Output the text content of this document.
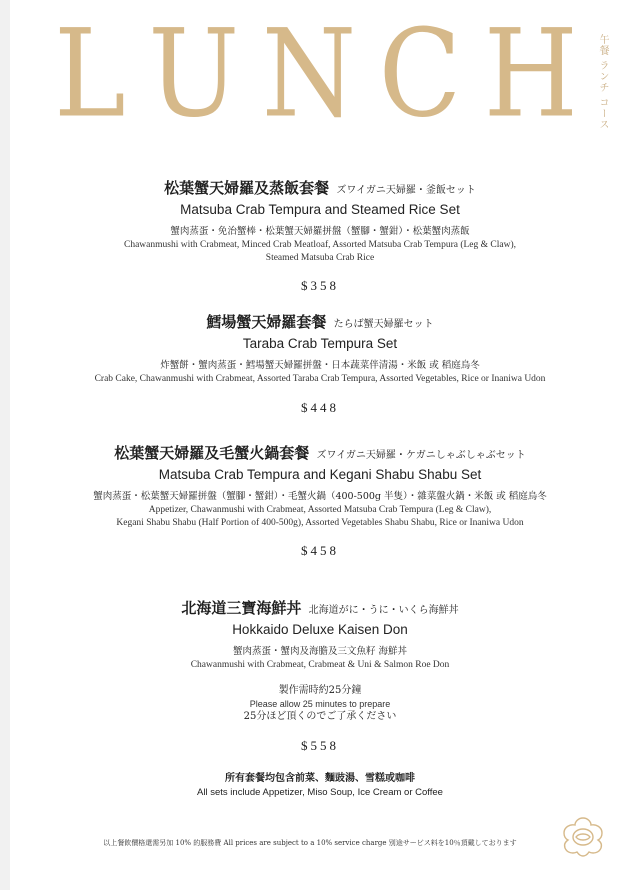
L U N C H	午餐 ランチ コース
松葉蟹天婦羅及蒸飯套餐 ズワイガニ天婦羅・釜飯セット
Matsuba Crab Tempura and Steamed Rice Set
蟹肉蒸蛋・免治蟹棒・松葉蟹天婦羅拼盤（蟹腳・蟹鉗）・松葉蟹肉蒸飯
Chawanmushi with Crabmeat, Minced Crab Meatloaf, Assorted Matsuba Crab Tempura (Leg & Claw),
Steamed Matsuba Crab Rice
$358
鱈場蟹天婦羅套餐 たらば蟹天婦羅セット
Taraba Crab Tempura Set
炸蟹餅・蟹肉蒸蛋・鱈場蟹天婦羅拼盤・日本蔬菜伴清湯・米飯 或 稻庭烏冬
Crab Cake, Chawanmushi with Crabmeat, Assorted Taraba Crab Tempura, Assorted Vegetables, Rice or Inaniwa Udon
$448
松葉蟹天婦羅及毛蟹火鍋套餐 ズワイガニ天婦羅・ケガニしゃぶしゃぶセット
Matsuba Crab Tempura and Kegani Shabu Shabu Set
蟹肉蒸蛋・松葉蟹天婦羅拼盤（蟹腳・蟹鉗）・毛蟹火鍋（400-500g 半隻）・雜菜盤火鍋・米飯 或 稻庭烏冬
Appetizer, Chawanmushi with Crabmeat, Assorted Matsuba Crab Tempura (Leg & Claw),
Kegani Shabu Shabu (Half Portion of 400-500g), Assorted Vegetables Shabu Shabu, Rice or Inaniwa Udon
$458
北海道三寶海鮮丼 北海道がに・うに・いくら海鮮丼
Hokkaido Deluxe Kaisen Don
蟹肉蒸蛋・蟹肉及海膽及三文魚籽 海鮮丼
Chawanmushi with Crabmeat, Crabmeat & Uni & Salmon Roe Don
製作需時約25分鐘
Please allow 25 minutes to prepare
25分ほど頂くのでご了承ください
$558
所有套餐均包含前菜、麵豉湯、雪糕或咖啡
All sets include Appetizer, Miso Soup, Ice Cream or Coffee
以上餐飲價格還需另加 10% 的服務費 All prices are subject to a 10% service charge 別途サービス料を10％頂戴しております
